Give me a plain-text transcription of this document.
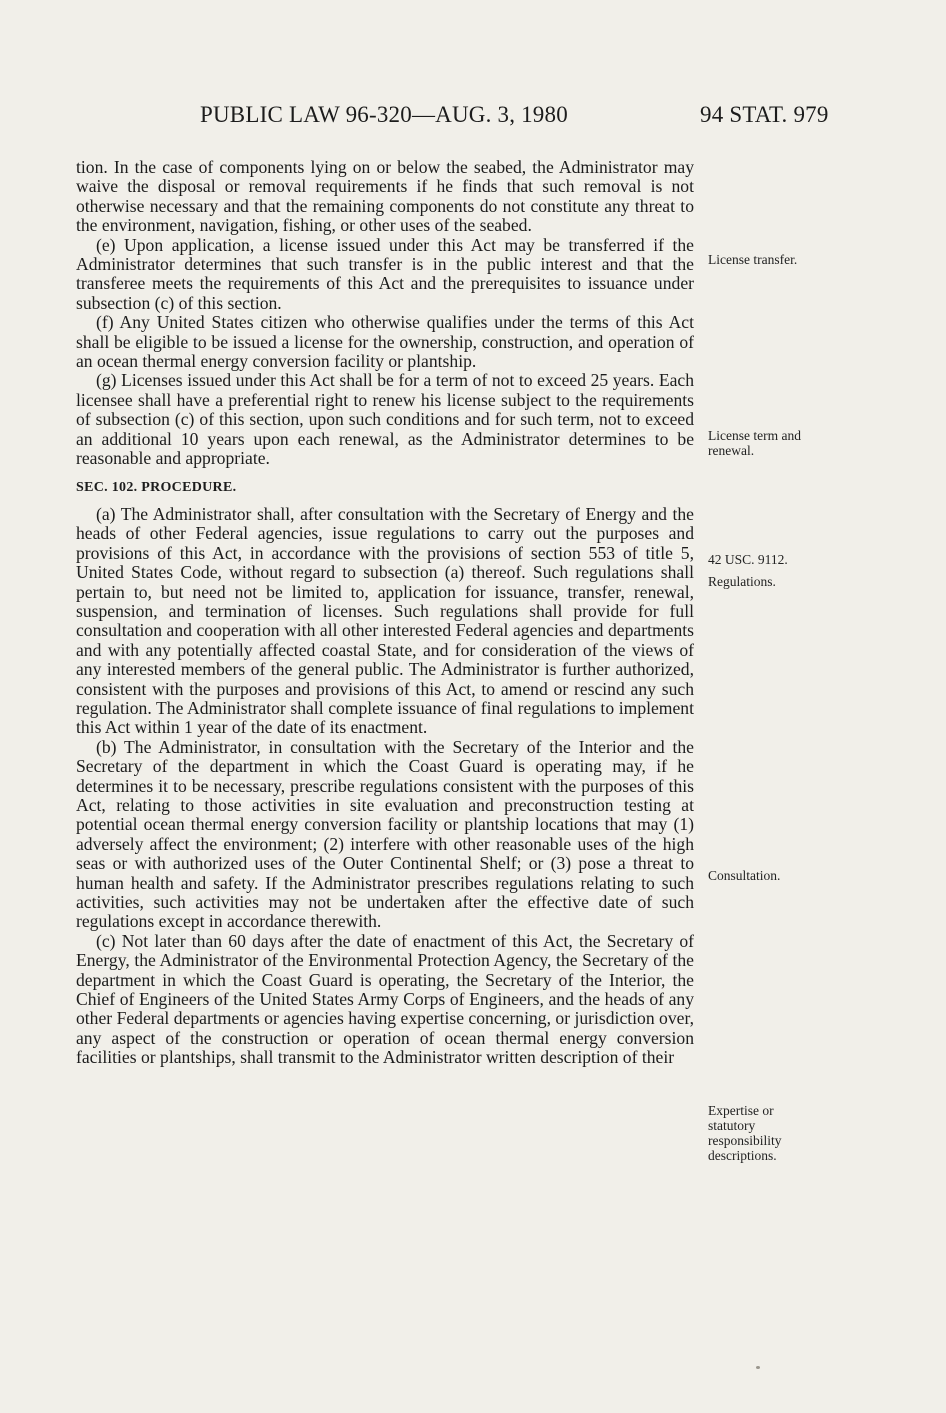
PUBLIC LAW 96-320—AUG. 3, 1980	94 STAT. 979

tion. In the case of components lying on or below the seabed, the Administrator may waive the disposal or removal requirements if he finds that such removal is not otherwise necessary and that the remaining components do not constitute any threat to the environment, navigation, fishing, or other uses of the seabed.

(e) Upon application, a license issued under this Act may be transferred if the Administrator determines that such transfer is in the public interest and that the transferee meets the requirements of this Act and the prerequisites to issuance under subsection (c) of this section.

(f) Any United States citizen who otherwise qualifies under the terms of this Act shall be eligible to be issued a license for the ownership, construction, and operation of an ocean thermal energy conversion facility or plantship.

(g) Licenses issued under this Act shall be for a term of not to exceed 25 years. Each licensee shall have a preferential right to renew his license subject to the requirements of subsection (c) of this section, upon such conditions and for such term, not to exceed an additional 10 years upon each renewal, as the Administrator determines to be reasonable and appropriate.

SEC. 102. PROCEDURE.

(a) The Administrator shall, after consultation with the Secretary of Energy and the heads of other Federal agencies, issue regulations to carry out the purposes and provisions of this Act, in accordance with the provisions of section 553 of title 5, United States Code, without regard to subsection (a) thereof. Such regulations shall pertain to, but need not be limited to, application for issuance, transfer, renewal, suspension, and termination of licenses. Such regulations shall provide for full consultation and cooperation with all other interested Federal agencies and departments and with any potentially affected coastal State, and for consideration of the views of any interested members of the general public. The Administrator is further authorized, consistent with the purposes and provisions of this Act, to amend or rescind any such regulation. The Administrator shall complete issuance of final regulations to implement this Act within 1 year of the date of its enactment.

(b) The Administrator, in consultation with the Secretary of the Interior and the Secretary of the department in which the Coast Guard is operating may, if he determines it to be necessary, prescribe regulations consistent with the purposes of this Act, relating to those activities in site evaluation and preconstruction testing at potential ocean thermal energy conversion facility or plantship locations that may (1) adversely affect the environment; (2) interfere with other reasonable uses of the high seas or with authorized uses of the Outer Continental Shelf; or (3) pose a threat to human health and safety. If the Administrator prescribes regulations relating to such activities, such activities may not be undertaken after the effective date of such regulations except in accordance therewith.

(c) Not later than 60 days after the date of enactment of this Act, the Secretary of Energy, the Administrator of the Environmental Protection Agency, the Secretary of the department in which the Coast Guard is operating, the Secretary of the Interior, the Chief of Engineers of the United States Army Corps of Engineers, and the heads of any other Federal departments or agencies having expertise concerning, or jurisdiction over, any aspect of the construction or operation of ocean thermal energy conversion facilities or plantships, shall transmit to the Administrator written description of their

License transfer.
License term and renewal.
42 USC. 9112.
Regulations.
Consultation.
Expertise or statutory responsibility descriptions.
